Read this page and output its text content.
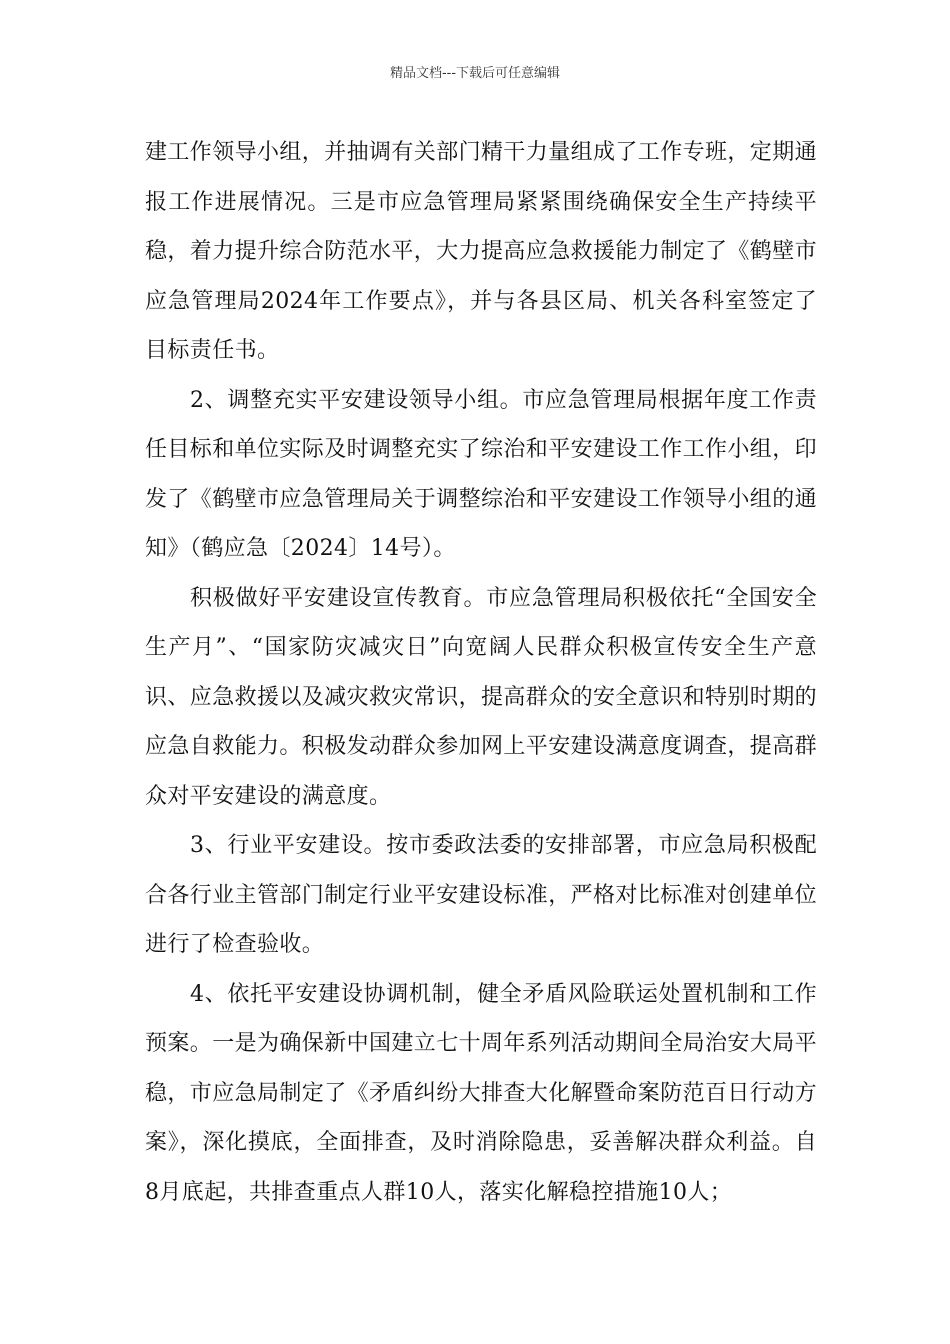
精品文档---下载后可任意编辑

建工作领导小组，并抽调有关部门精干力量组成了工作专班，定期通报工作进展情况。三是市应急管理局紧紧围绕确保安全生产持续平稳，着力提升综合防范水平，大力提高应急救援能力制定了《鹤壁市应急管理局2024年工作要点》，并与各县区局、机关各科室签定了目标责任书。

2、调整充实平安建设领导小组。市应急管理局根据年度工作责任目标和单位实际及时调整充实了综治和平安建设工作工作小组，印发了《鹤壁市应急管理局关于调整综治和平安建设工作领导小组的通知》（鹤应急〔2024〕14号）。

积极做好平安建设宣传教育。市应急管理局积极依托“全国安全生产月”、“国家防灾减灾日”向宽阔人民群众积极宣传安全生产意识、应急救援以及减灾救灾常识，提高群众的安全意识和特别时期的应急自救能力。积极发动群众参加网上平安建设满意度调查，提高群众对平安建设的满意度。

3、行业平安建设。按市委政法委的安排部署，市应急局积极配合各行业主管部门制定行业平安建设标准，严格对比标准对创建单位进行了检查验收。

4、依托平安建设协调机制，健全矛盾风险联运处置机制和工作预案。一是为确保新中国建立七十周年系列活动期间全局治安大局平稳，市应急局制定了《矛盾纠纷大排查大化解暨命案防范百日行动方案》，深化摸底，全面排查，及时消除隐患，妥善解决群众利益。自8月底起，共排查重点人群10人，落实化解稳控措施10人；
